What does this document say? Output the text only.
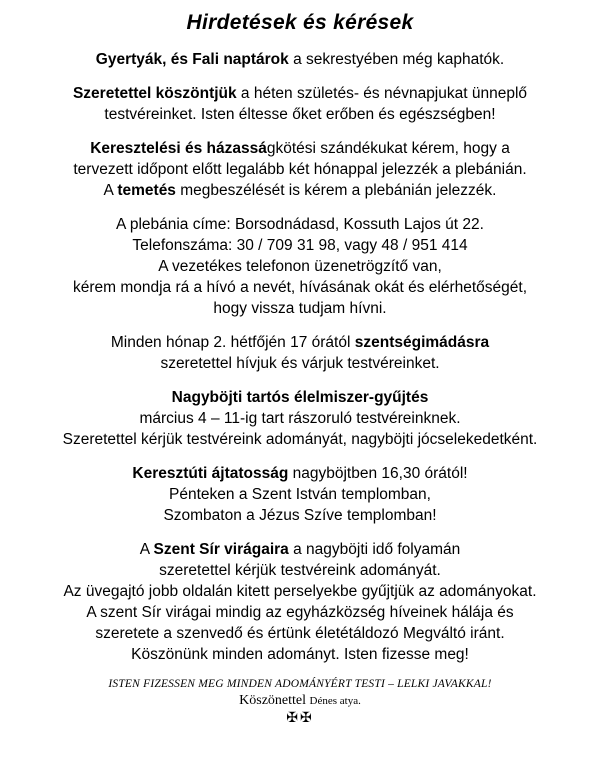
Hirdetések és kérések
Gyertyák, és Fali naptárok a sekrestyében még kaphatók.
Szeretettel köszöntjük a héten születés- és névnapjukat ünneplő
testvéreinket. Isten éltesse őket erőben és egészségben!
Keresztelési és házasságkötési szándékukat kérem, hogy a
tervezett időpont előtt legalább két hónappal jelezzék a plebánián.
A temetés megbeszélését is kérem a plebánián jelezzék.
A plebánia címe: Borsodnádasd, Kossuth Lajos út 22.
Telefonszáma: 30 / 709 31 98, vagy 48 / 951 414
A vezetékes telefonon üzenetrögzítő van,
kérem mondja rá a hívó a nevét, hívásának okát és elérhetőségét,
hogy vissza tudjam hívni.
Minden hónap 2. hétfőjén 17 órától szentségimádásra
szeretettel hívjuk és várjuk testvéreinket.
Nagyböjti tartós élelmiszer-gyűjtés
március 4 – 11-ig tart rászoruló testvéreinknek.
Szeretettel kérjük testvéreink adományát, nagyböjti jócselekedetként.
Keresztúti ájtatosság nagyböjtben 16,30 órától!
Pénteken a Szent István templomban,
Szombaton a Jézus Szíve templomban!
A Szent Sír virágaira a nagyböjti idő folyamán
szeretettel kérjük testvéreink adományát.
Az üvegajtó jobb oldalán kitett perselyekbe gyűjtjük az adományokat.
A szent Sír virágai mindig az egyházközség híveinek hálája és
szeretete a szenvedő és értünk életétáldozó Megváltó iránt.
Köszönünk minden adományt. Isten fizesse meg!
ISTEN FIZESSEN MEG MINDEN ADOMÁNYÉRT TESTI – LELKI JAVAKKAL!
Köszönettel Dénes atya.
✠✠
